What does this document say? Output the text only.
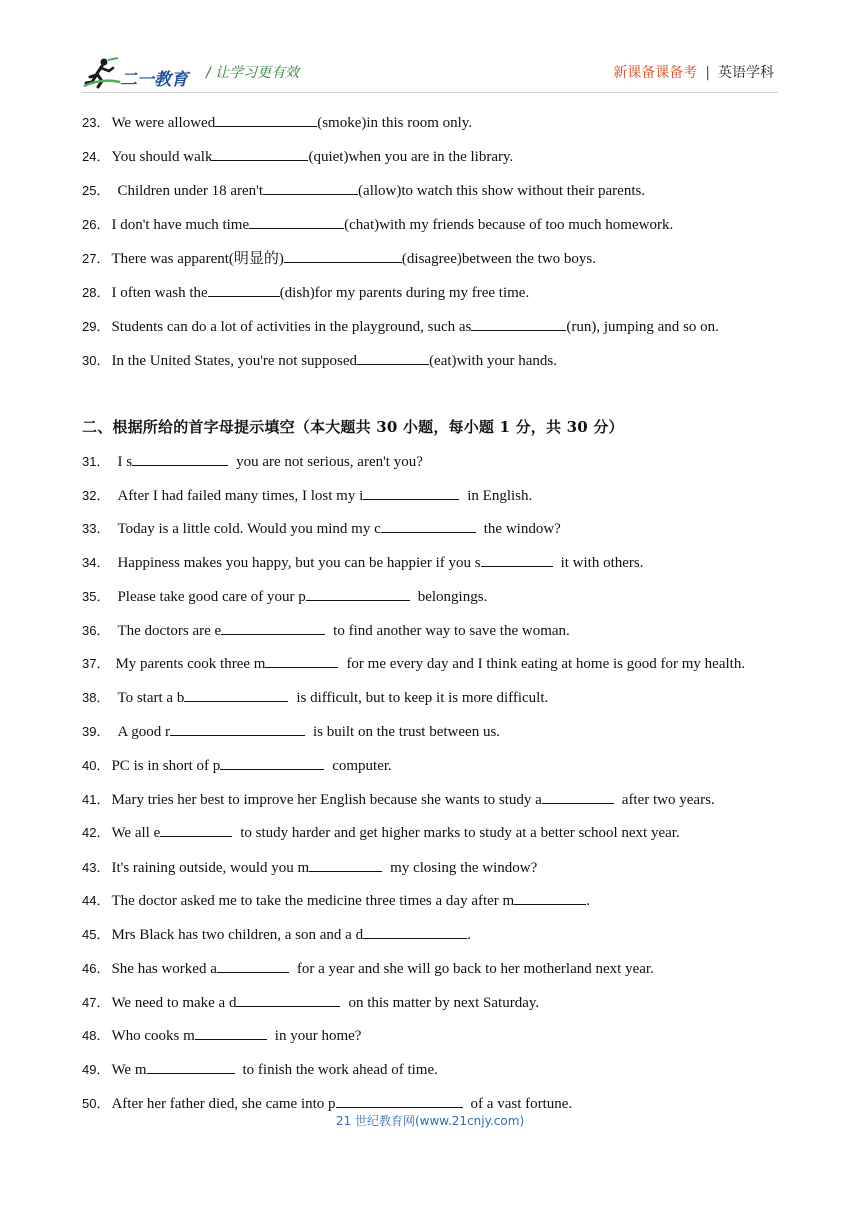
二一教育 / 让学习更有效	新课备课备考 | 英语学科
23． We were allowed	(smoke)in this room only.
24． You should walk	(quiet)when you are in the library.
25． Children under 18 aren't	(allow)to watch this show without their parents.
26． I don't have much time	(chat)with my friends because of too much homework.
27． There was apparent(明显的)	(disagree)between the two boys.
28． I often wash the	(dish)for my parents during my free time.
29． Students can do a lot of activities in the playground, such as	(run), jumping and so on.
30． In the United States, you're not supposed	(eat)with your hands.
二、根据所给的首字母提示填空（本大题共 30 小题，每小题 1 分，共 30 分）
31． I s	you are not serious, aren't you?
32． After I had failed many times, I lost my i	in English.
33． Today is a little cold. Would you mind my c	the window?
34． Happiness makes you happy, but you can be happier if you s	it with others.
35． Please take good care of your p	belongings.
36． The doctors are e	to find another way to save the woman.
37． My parents cook three m	for me every day and I think eating at home is good for my health.
38． To start a b	is difficult, but to keep it is more difficult.
39． A good r	is built on the trust between us.
40． PC is in short of p	computer.
41． Mary tries her best to improve her English because she wants to study a	after two years.
42． We all e	to study harder and get higher marks to study at a better school next year.
43． It's raining outside, would you m	my closing the window?
44． The doctor asked me to take the medicine three times a day after m	.
45． Mrs Black has two children, a son and a d	.
46． She has worked a	for a year and she will go back to her motherland next year.
47． We need to make a d	on this matter by next Saturday.
48． Who cooks m	in your home?
49． We m	to finish the work ahead of time.
50． After her father died, she came into p	of a vast fortune.
21 世纪教育网(www.21cnjy.com)
